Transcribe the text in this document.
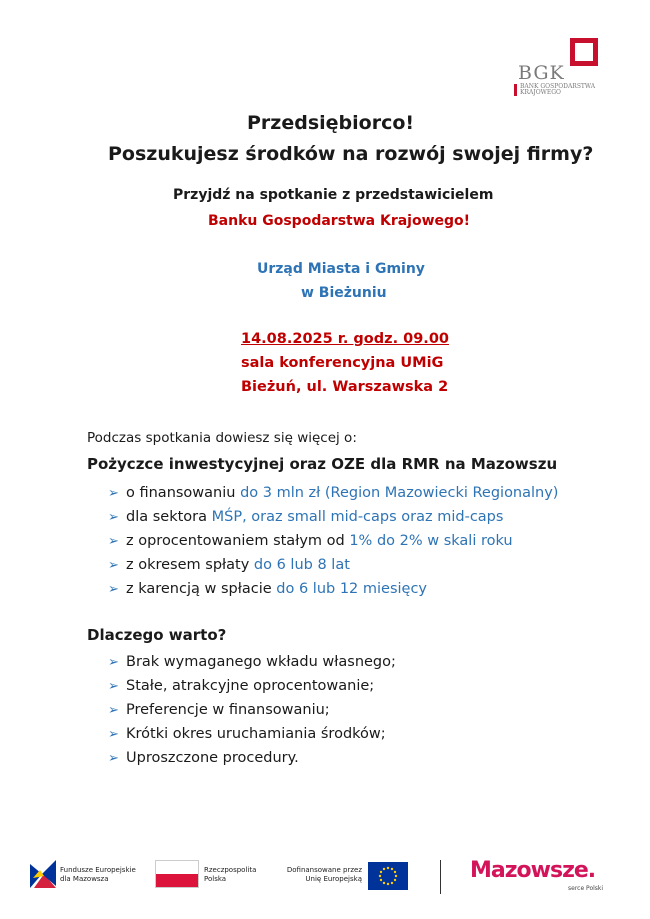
BGK
BANK GOSPODARSTWA KRAJOWEGO
Przedsiębiorco!
Poszukujesz środków na rozwój swojej firmy?
Przyjdź na spotkanie z przedstawicielem
Banku Gospodarstwa Krajowego!
Urząd Miasta i Gminy
w Bieżuniu
14.08.2025 r. godz. 09.00
sala konferencyjna UMiG
Bieżuń, ul. Warszawska 2
Podczas spotkania dowiesz się więcej o:
Pożyczce inwestycyjnej oraz OZE dla RMR na Mazowszu
➢ o finansowaniu do 3 mln zł (Region Mazowiecki Regionalny)
➢ dla sektora MŚP, oraz small mid-caps oraz mid-caps
➢ z oprocentowaniem stałym od 1% do 2% w skali roku
➢ z okresem spłaty do 6 lub 8 lat
➢ z karencją w spłacie do 6 lub 12 miesięcy
Dlaczego warto?
➢ Brak wymaganego wkładu własnego;
➢ Stałe, atrakcyjne oprocentowanie;
➢ Preferencje w finansowaniu;
➢ Krótki okres uruchamiania środków;
➢ Uproszczone procedury.
Fundusze Europejskie
dla Mazowsza
Rzeczpospolita
Polska
Dofinansowane przez
Unię Europejską	Mazowsze.
serce Polski
